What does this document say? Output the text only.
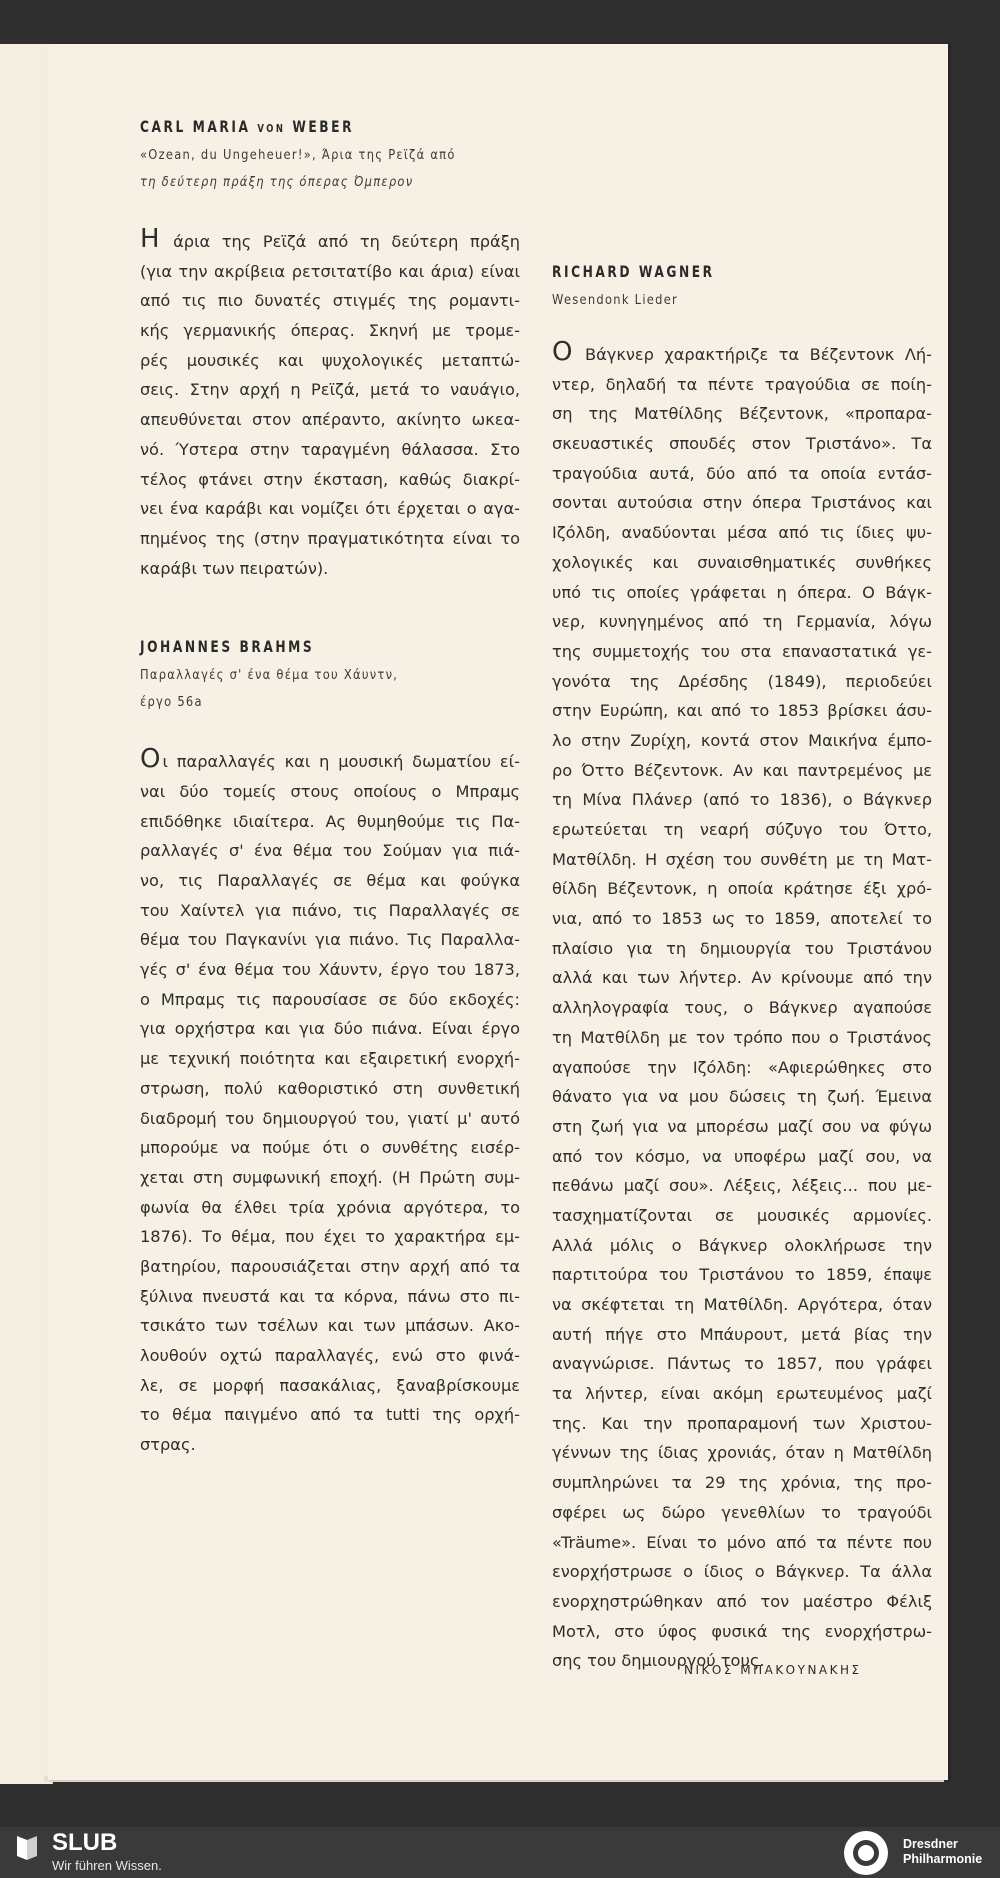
CARL MARIA VON WEBER
«Ozean, du Ungeheuer!», Άρια της Ρεϊζά από
τη δεύτερη πράξη της όπερας Όμπερον
Η άρια της Ρεϊζά από τη δεύτερη πράξη
(για την ακρίβεια ρετσιτατίβο και άρια) είναι
από τις πιο δυνατές στιγμές της ρομαντι-
κής γερμανικής όπερας. Σκηνή με τρομε-
ρές μουσικές και ψυχολογικές μεταπτώ-
σεις. Στην αρχή η Ρεϊζά, μετά το ναυάγιο,
απευθύνεται στον απέραντο, ακίνητο ωκεα-
νό. Ύστερα στην ταραγμένη θάλασσα. Στο
τέλος φτάνει στην έκσταση, καθώς διακρί-
νει ένα καράβι και νομίζει ότι έρχεται ο αγα-
πημένος της (στην πραγματικότητα είναι το
καράβι των πειρατών).
JOHANNES BRAHMS
Παραλλαγές σ' ένα θέμα του Χάυντν,
έργο 56a
Οι παραλλαγές και η μουσική δωματίου εί-
ναι δύο τομείς στους οποίους ο Μπραμς
επιδόθηκε ιδιαίτερα. Ας θυμηθούμε τις Πα-
ραλλαγές σ' ένα θέμα του Σούμαν για πιά-
νο, τις Παραλλαγές σε θέμα και φούγκα
του Χαίντελ για πιάνο, τις Παραλλαγές σε
θέμα του Παγκανίνι για πιάνο. Τις Παραλλα-
γές σ' ένα θέμα του Χάυντν, έργο του 1873,
ο Μπραμς τις παρουσίασε σε δύο εκδοχές:
για ορχήστρα και για δύο πιάνα. Είναι έργο
με τεχνική ποιότητα και εξαιρετική ενορχή-
στρωση, πολύ καθοριστικό στη συνθετική
διαδρομή του δημιουργού του, γιατί μ' αυτό
μπορούμε να πούμε ότι ο συνθέτης εισέρ-
χεται στη συμφωνική εποχή. (Η Πρώτη συμ-
φωνία θα έλθει τρία χρόνια αργότερα, το
1876). Το θέμα, που έχει το χαρακτήρα εμ-
βατηρίου, παρουσιάζεται στην αρχή από τα
ξύλινα πνευστά και τα κόρνα, πάνω στο πι-
τσικάτο των τσέλων και των μπάσων. Ακο-
λουθούν οχτώ παραλλαγές, ενώ στο φινά-
λε, σε μορφή πασακάλιας, ξαναβρίσκουμε
το θέμα παιγμένο από τα tutti της ορχή-
στρας.
RICHARD WAGNER
Wesendonk Lieder
Ο Βάγκνερ χαρακτήριζε τα Βέζεντονκ Λή-
ντερ, δηλαδή τα πέντε τραγούδια σε ποίη-
ση της Ματθίλδης Βέζεντονκ, «προπαρα-
σκευαστικές σπουδές στον Τριστάνο». Τα
τραγούδια αυτά, δύο από τα οποία εντάσ-
σονται αυτούσια στην όπερα Τριστάνος και
Ιζόλδη, αναδύονται μέσα από τις ίδιες ψυ-
χολογικές και συναισθηματικές συνθήκες
υπό τις οποίες γράφεται η όπερα. Ο Βάγκ-
νερ, κυνηγημένος από τη Γερμανία, λόγω
της συμμετοχής του στα επαναστατικά γε-
γονότα της Δρέσδης (1849), περιοδεύει
στην Ευρώπη, και από το 1853 βρίσκει άσυ-
λο στην Ζυρίχη, κοντά στον Μαικήνα έμπο-
ρο Όττο Βέζεντονκ. Αν και παντρεμένος με
τη Μίνα Πλάνερ (από το 1836), ο Βάγκνερ
ερωτεύεται τη νεαρή σύζυγο του Όττο,
Ματθίλδη. Η σχέση του συνθέτη με τη Ματ-
θίλδη Βέζεντονκ, η οποία κράτησε έξι χρό-
νια, από το 1853 ως το 1859, αποτελεί το
πλαίσιο για τη δημιουργία του Τριστάνου
αλλά και των λήντερ. Αν κρίνουμε από την
αλληλογραφία τους, ο Βάγκνερ αγαπούσε
τη Ματθίλδη με τον τρόπο που ο Τριστάνος
αγαπούσε την Ιζόλδη: «Αφιερώθηκες στο
θάνατο για να μου δώσεις τη ζωή. Έμεινα
στη ζωή για να μπορέσω μαζί σου να φύγω
από τον κόσμο, να υποφέρω μαζί σου, να
πεθάνω μαζί σου». Λέξεις, λέξεις... που με-
τασχηματίζονται σε μουσικές αρμονίες.
Αλλά μόλις ο Βάγκνερ ολοκλήρωσε την
παρτιτούρα του Τριστάνου το 1859, έπαψε
να σκέφτεται τη Ματθίλδη. Αργότερα, όταν
αυτή πήγε στο Μπάυρουτ, μετά βίας την
αναγνώρισε. Πάντως το 1857, που γράφει
τα λήντερ, είναι ακόμη ερωτευμένος μαζί
της. Και την προπαραμονή των Χριστου-
γέννων της ίδιας χρονιάς, όταν η Ματθίλδη
συμπληρώνει τα 29 της χρόνια, της προ-
σφέρει ως δώρο γενεθλίων το τραγούδι
«Träume». Είναι το μόνο από τα πέντε που
ενορχήστρωσε ο ίδιος ο Βάγκνερ. Τα άλλα
ενορχηστρώθηκαν από τον μαέστρο Φέλιξ
Μοτλ, στο ύφος φυσικά της ενορχήστρω-
σης του δημιουργού τους.
ΝΙΚΟΣ ΜΠΑΚΟΥΝΑΚΗΣ
SLUB
Wir führen Wissen.
Dresdner
Philharmonie
